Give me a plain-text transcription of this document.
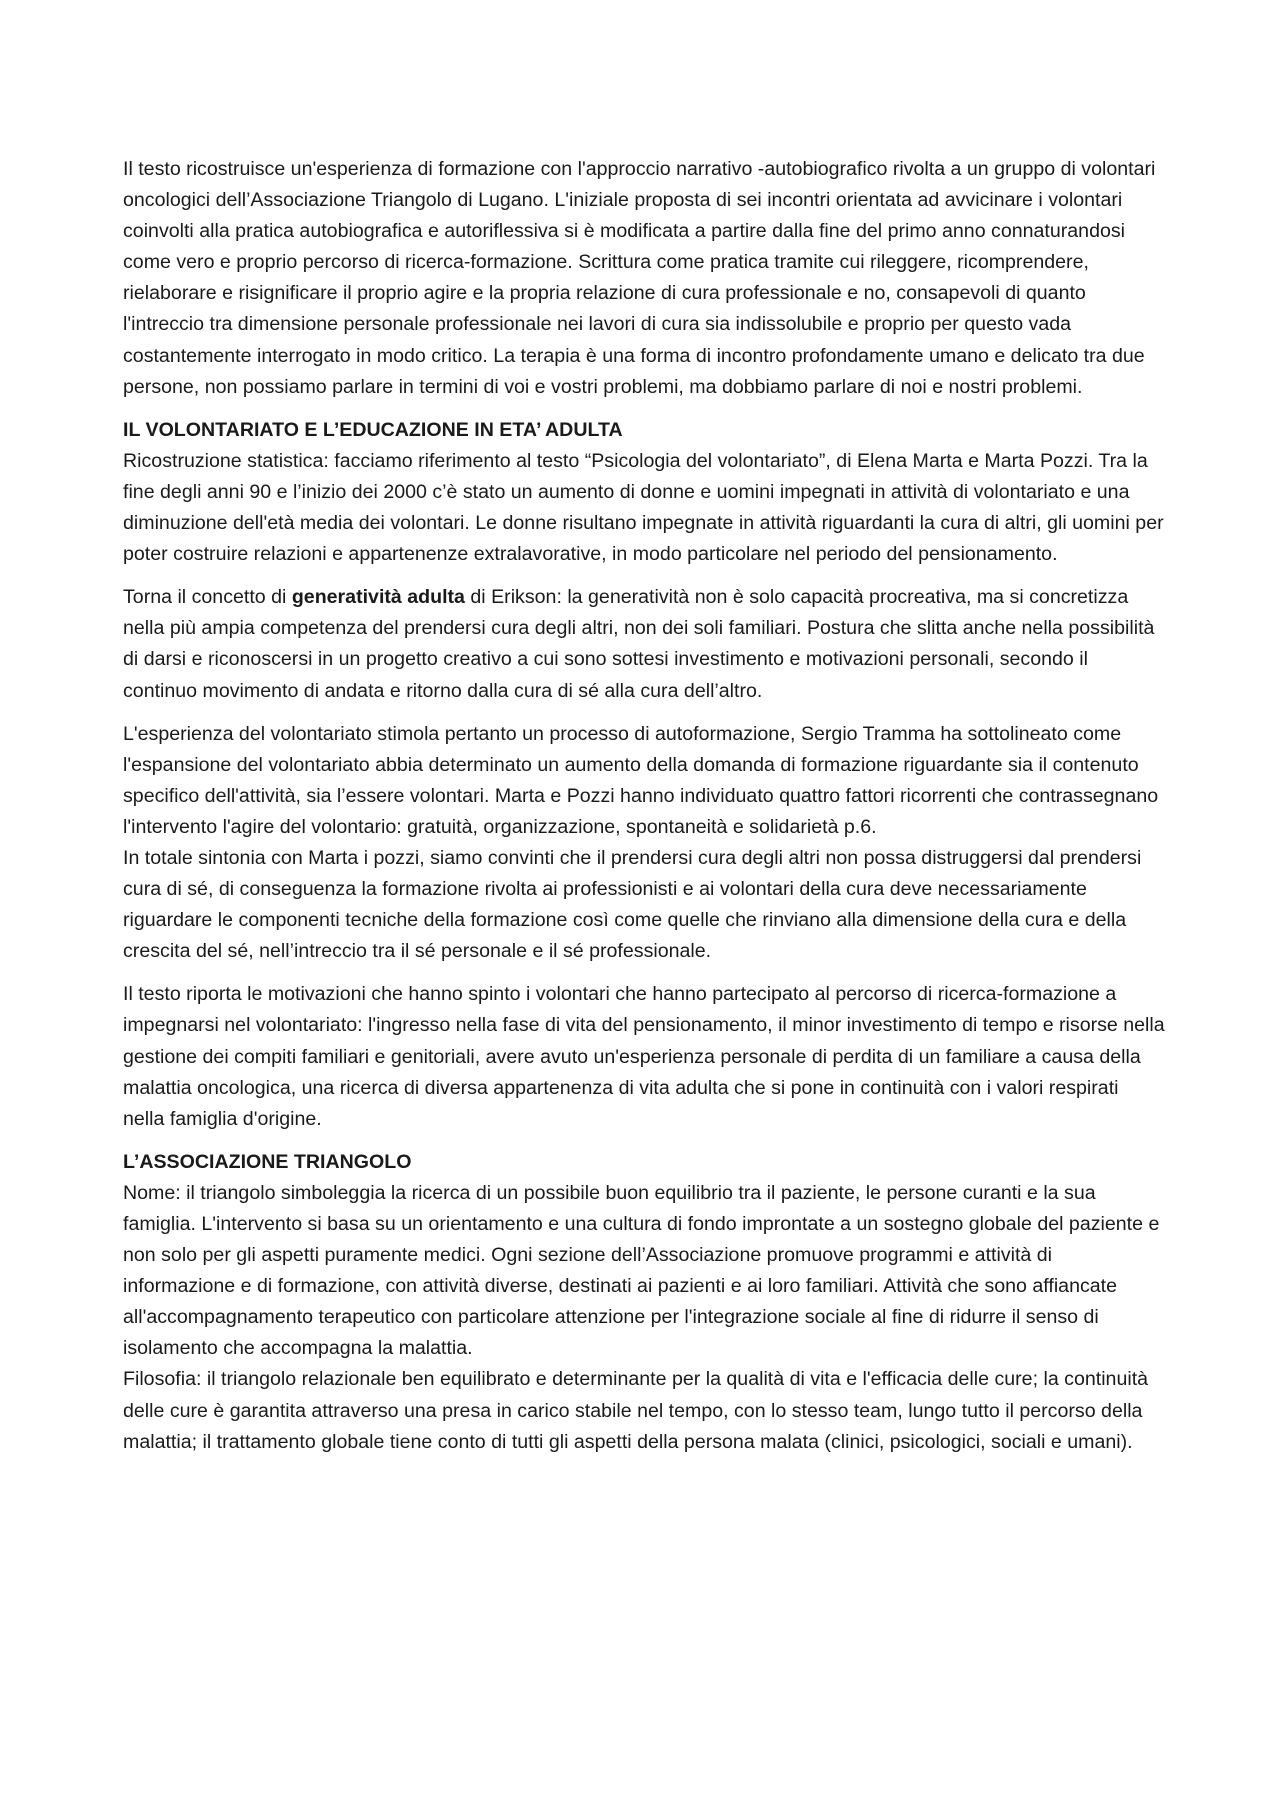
Il testo ricostruisce un'esperienza di formazione con l'approccio narrativo -autobiografico rivolta a un gruppo di volontari oncologici dell’Associazione Triangolo di Lugano. L'iniziale proposta di sei incontri orientata ad avvicinare i volontari coinvolti alla pratica autobiografica e autoriflessiva si è modificata a partire dalla fine del primo anno connaturandosi come vero e proprio percorso di ricerca-formazione. Scrittura come pratica tramite cui rileggere, ricomprendere, rielaborare e risignificare il proprio agire e la propria relazione di cura professionale e no, consapevoli di quanto l'intreccio tra dimensione personale professionale nei lavori di cura sia indissolubile e proprio per questo vada costantemente interrogato in modo critico. La terapia è una forma di incontro profondamente umano e delicato tra due persone, non possiamo parlare in termini di voi e vostri problemi, ma dobbiamo parlare di noi e nostri problemi.

IL VOLONTARIATO E L’EDUCAZIONE IN ETA’ ADULTA

Ricostruzione statistica: facciamo riferimento al testo “Psicologia del volontariato”, di Elena Marta e Marta Pozzi. Tra la fine degli anni 90 e l’inizio dei 2000 c’è stato un aumento di donne e uomini impegnati in attività di volontariato e una diminuzione dell'età media dei volontari. Le donne risultano impegnate in attività riguardanti la cura di altri, gli uomini per poter costruire relazioni e appartenenze extralavorative, in modo particolare nel periodo del pensionamento.

Torna il concetto di generatività adulta di Erikson: la generatività non è solo capacità procreativa, ma si concretizza nella più ampia competenza del prendersi cura degli altri, non dei soli familiari. Postura che slitta anche nella possibilità di darsi e riconoscersi in un progetto creativo a cui sono sottesi investimento e motivazioni personali, secondo il continuo movimento di andata e ritorno dalla cura di sé alla cura dell’altro.

L'esperienza del volontariato stimola pertanto un processo di autoformazione, Sergio Tramma ha sottolineato come l'espansione del volontariato abbia determinato un aumento della domanda di formazione riguardante sia il contenuto specifico dell'attività, sia l’essere volontari. Marta e Pozzi hanno individuato quattro fattori ricorrenti che contrassegnano l'intervento l'agire del volontario: gratuità, organizzazione, spontaneità e solidarietà p.6.

In totale sintonia con Marta i pozzi, siamo convinti che il prendersi cura degli altri non possa distruggersi dal prendersi cura di sé, di conseguenza la formazione rivolta ai professionisti e ai volontari della cura deve necessariamente riguardare le componenti tecniche della formazione così come quelle che rinviano alla dimensione della cura e della crescita del sé, nell’intreccio tra il sé personale e il sé professionale.

Il testo riporta le motivazioni che hanno spinto i volontari che hanno partecipato al percorso di ricerca-formazione a impegnarsi nel volontariato: l'ingresso nella fase di vita del pensionamento, il minor investimento di tempo e risorse nella gestione dei compiti familiari e genitoriali, avere avuto un'esperienza personale di perdita di un familiare a causa della malattia oncologica, una ricerca di diversa appartenenza di vita adulta che si pone in continuità con i valori respirati nella famiglia d'origine.

L’ASSOCIAZIONE TRIANGOLO

Nome: il triangolo simboleggia la ricerca di un possibile buon equilibrio tra il paziente, le persone curanti e la sua famiglia. L'intervento si basa su un orientamento e una cultura di fondo improntate a un sostegno globale del paziente e non solo per gli aspetti puramente medici. Ogni sezione dell’Associazione promuove programmi e attività di informazione e di formazione, con attività diverse, destinati ai pazienti e ai loro familiari. Attività che sono affiancate all'accompagnamento terapeutico con particolare attenzione per l'integrazione sociale al fine di ridurre il senso di isolamento che accompagna la malattia.

Filosofia: il triangolo relazionale ben equilibrato e determinante per la qualità di vita e l'efficacia delle cure; la continuità delle cure è garantita attraverso una presa in carico stabile nel tempo, con lo stesso team, lungo tutto il percorso della malattia; il trattamento globale tiene conto di tutti gli aspetti della persona malata (clinici, psicologici, sociali e umani).
